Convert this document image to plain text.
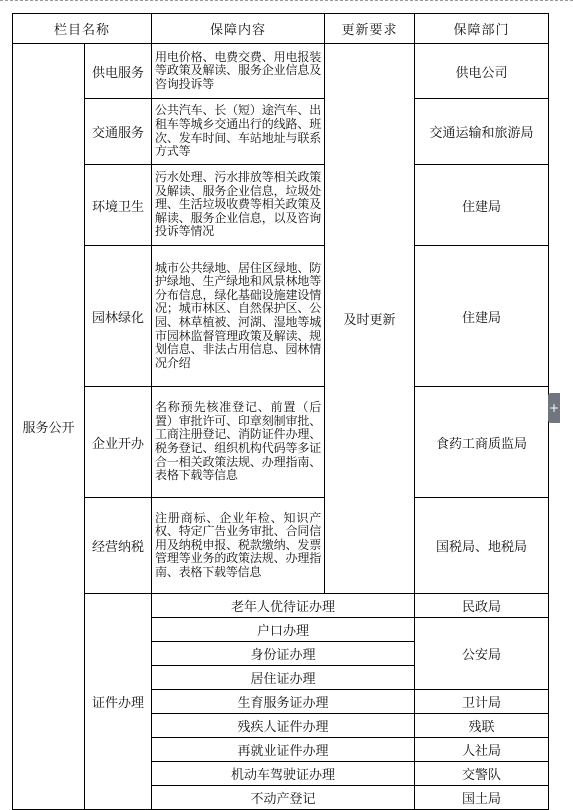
栏目名称		保障内容	更新要求	保障部门
服务公开	供电服务	用电价格、电费交费、用电报装等政策及解读、服务企业信息及咨询投诉等	及时更新	供电公司
	交通服务	公共汽车、长（短）途汽车、出租车等城乡交通出行的线路、班次、发车时间、车站地址与联系方式等		交通运输和旅游局
	环境卫生	污水处理、污水排放等相关政策及解读、服务企业信息，垃圾处理、生活垃圾收费等相关政策及解读、服务企业信息，以及咨询投诉等情况		住建局
	园林绿化	城市公共绿地、居住区绿地、防护绿地、生产绿地和风景林地等分布信息，绿化基础设施建设情况；城市林区、自然保护区、公园、林草植被、河湖、湿地等城市园林监督管理政策及解读、规划信息、非法占用信息、园林情况介绍		住建局
	企业开办	名称预先核准登记、前置（后置）审批许可、印章刻制审批、工商注册登记、消防证件办理、税务登记、组织机构代码等多证合一相关政策法规、办理指南、表格下载等信息		食药工商质监局
	经营纳税	注册商标、企业年检、知识产权、特定广告业务审批、合同信用及纳税申报、税款缴纳、发票管理等业务的政策法规、办理指南、表格下载等信息		国税局、地税局
	证件办理	老年人优待证办理		民政局
		户口办理		公安局
		身份证办理		
		居住证办理		
		生育服务证办理		卫计局
		残疾人证件办理		残联
		再就业证件办理		人社局
		机动车驾驶证办理		交警队
		不动产登记		国土局
+
